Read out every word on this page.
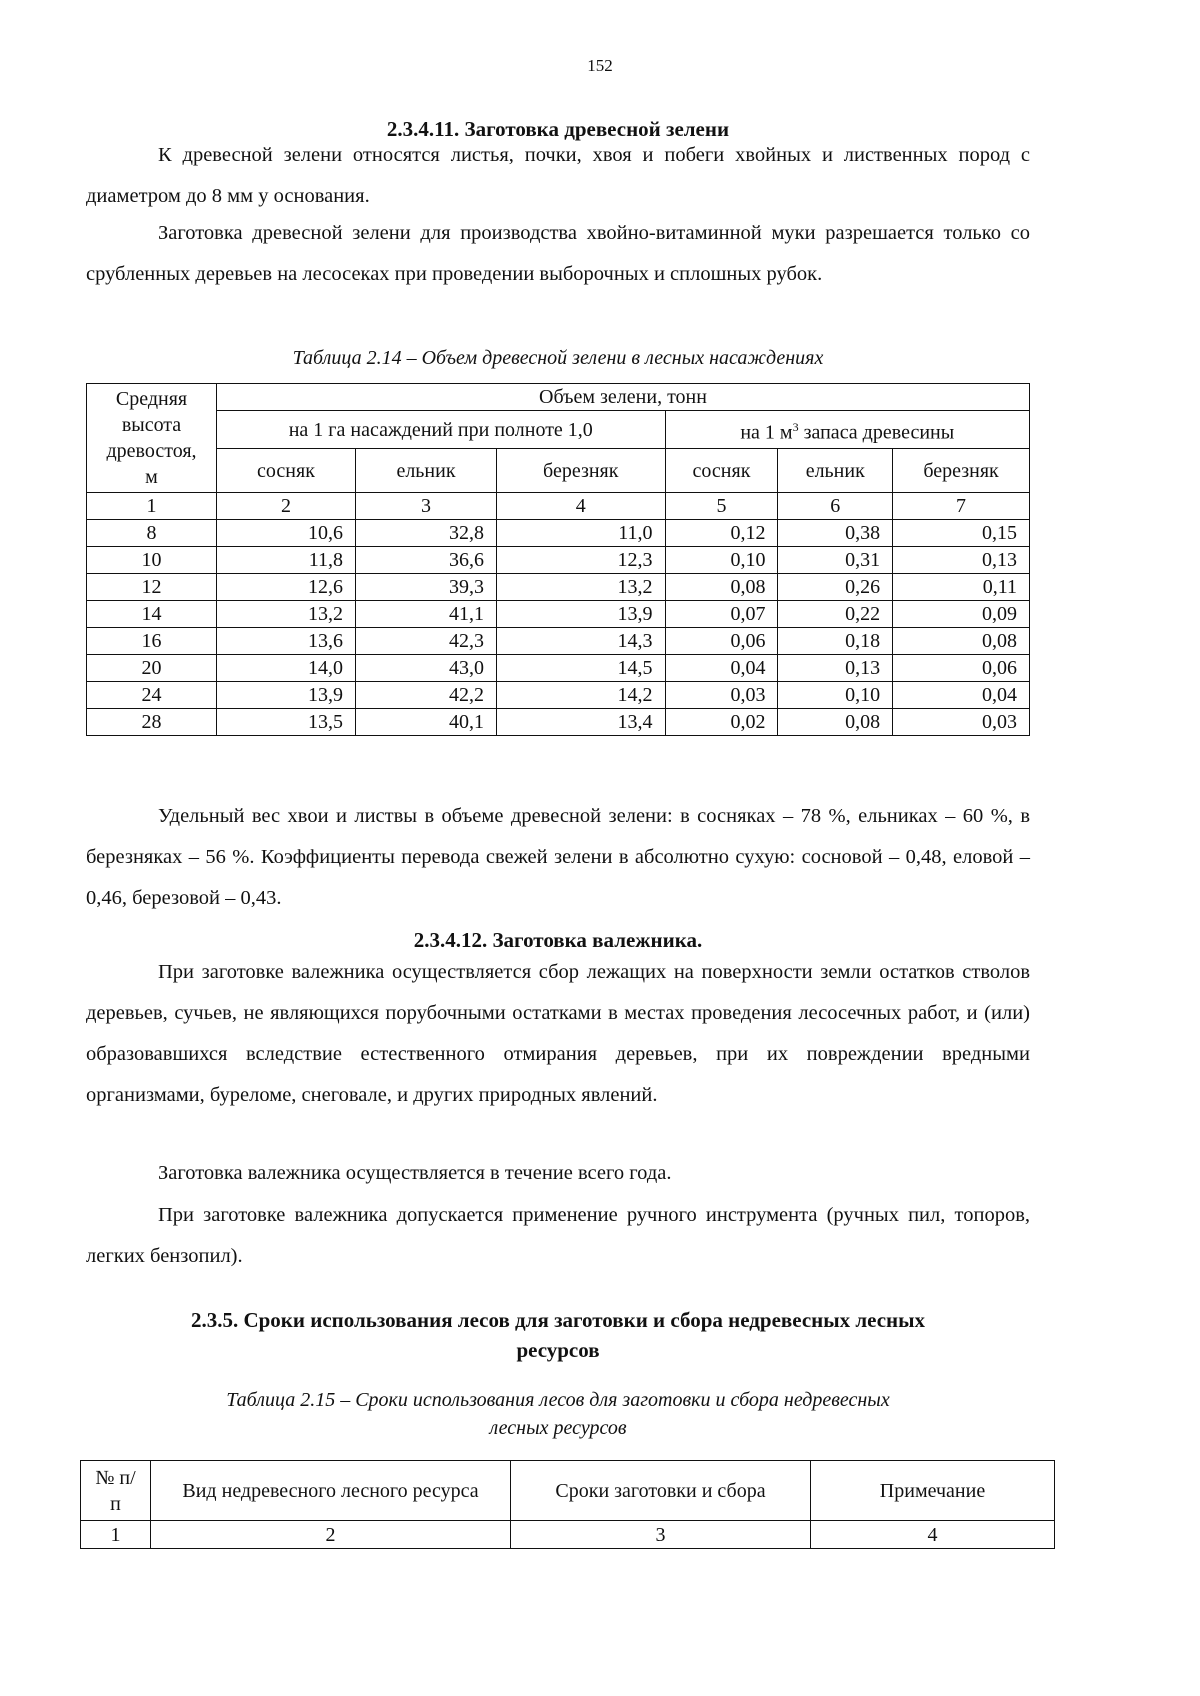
152
2.3.4.11. Заготовка древесной зелени

К древесной зелени относятся листья, почки, хвоя и побеги хвойных и лиственных пород с диаметром до 8 мм у основания.

Заготовка древесной зелени для производства хвойно-витаминной муки разрешается только со срубленных деревьев на лесосеках при проведении выборочных и сплошных рубок.

Таблица 2.14 – Объем древесной зелени в лесных насаждениях
Средняя высота древостоя, м	Объем зелени, тонн					
	на 1 га насаждений при полноте 1,0			на 1 $м^3$ запаса древесины		
	сосняк	ельник	березняк	сосняк	ельник	березняк
1	2	3	4	5	6	7
8	10,6	32,8	11,0	0,12	0,38	0,15
10	11,8	36,6	12,3	0,10	0,31	0,13
12	12,6	39,3	13,2	0,08	0,26	0,11
14	13,2	41,1	13,9	0,07	0,22	0,09
16	13,6	42,3	14,3	0,06	0,18	0,08
20	14,0	43,0	14,5	0,04	0,13	0,06
24	13,9	42,2	14,2	0,03	0,10	0,04
28	13,5	40,1	13,4	0,02	0,08	0,03

Удельный вес хвои и листвы в объеме древесной зелени: в сосняках – 78 %, ельниках – 60 %, в березняках – 56 %. Коэффициенты перевода свежей зелени в абсолютно сухую: сосновой – 0,48, еловой – 0,46, березовой – 0,43.

2.3.4.12. Заготовка валежника.

При заготовке валежника осуществляется сбор лежащих на поверхности земли остатков стволов деревьев, сучьев, не являющихся порубочными остатками в местах проведения лесосечных работ, и (или) образовавшихся вследствие естественного отмирания деревьев, при их повреждении вредными организмами, буреломе, снеговале, и других природных явлений.

Заготовка валежника осуществляется в течение всего года.

При заготовке валежника допускается применение ручного инструмента (ручных пил, топоров, легких бензопил).

2.3.5. Сроки использования лесов для заготовки и сбора недревесных лесных
ресурсов
Таблица 2.15 – Сроки использования лесов для заготовки и сбора недревесных
лесных ресурсов
№ п/п	Вид недревесного лесного ресурса	Сроки заготовки и сбора	Примечание
1	2	3	4
